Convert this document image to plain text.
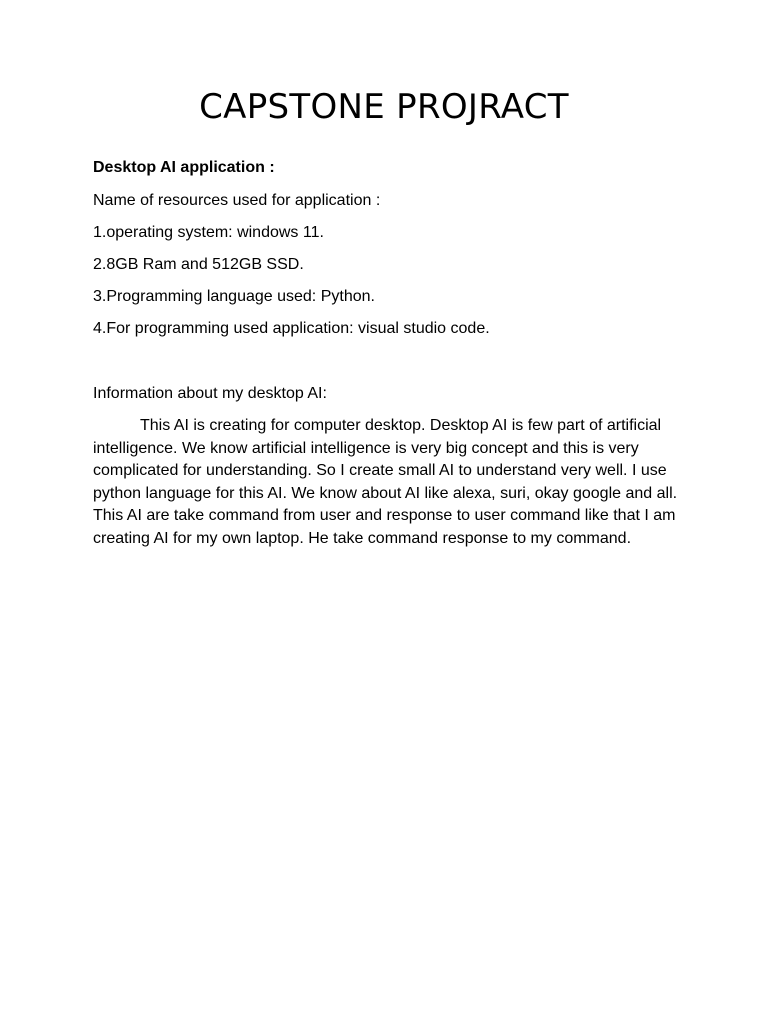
CAPSTONE PROJRACT

Desktop AI application :

Name of resources used for application :

1.operating system: windows 11.

2.8GB Ram and 512GB SSD.

3.Programming language used: Python.

4.For programming used application: visual studio code.

Information about my desktop AI:

This AI is creating for computer desktop. Desktop AI is few part of artificial intelligence. We know artificial intelligence is very big concept and this is very complicated for understanding. So I create small AI to understand very well. I use python language for this AI. We know about AI like alexa, suri, okay google and all. This AI are take command from user and response to user command like that I am creating AI for my own laptop. He take command response to my command.
